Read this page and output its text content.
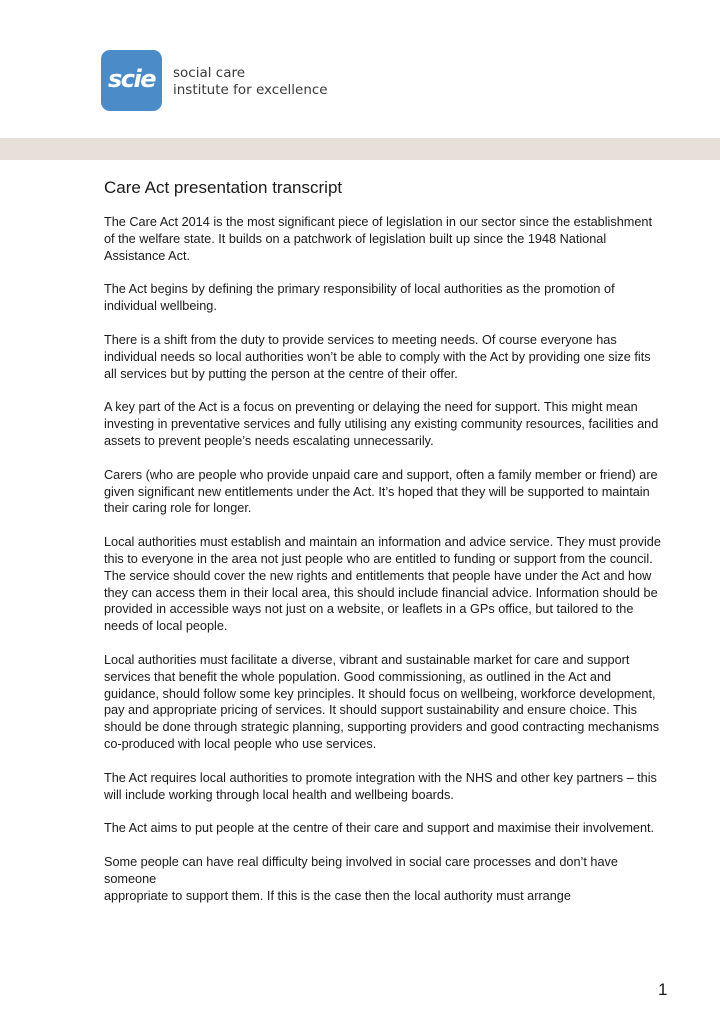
scie social care
institute for excellence
Care Act presentation transcript

The Care Act 2014 is the most significant piece of legislation in our sector since the establishment of the welfare state. It builds on a patchwork of legislation built up since the 1948 National Assistance Act.

The Act begins by defining the primary responsibility of local authorities as the promotion of individual wellbeing.

There is a shift from the duty to provide services to meeting needs. Of course everyone has individual needs so local authorities won’t be able to comply with the Act by providing one size fits all services but by putting the person at the centre of their offer.

A key part of the Act is a focus on preventing or delaying the need for support. This might mean investing in preventative services and fully utilising any existing community resources, facilities and assets to prevent people’s needs escalating unnecessarily.

Carers (who are people who provide unpaid care and support, often a family member or friend) are given significant new entitlements under the Act. It’s hoped that they will be supported to maintain their caring role for longer.

Local authorities must establish and maintain an information and advice service. They must provide this to everyone in the area not just people who are entitled to funding or support from the council. The service should cover the new rights and entitlements that people have under the Act and how they can access them in their local area, this should include financial advice. Information should be provided in accessible ways not just on a website, or leaflets in a GPs office, but tailored to the needs of local people.

Local authorities must facilitate a diverse, vibrant and sustainable market for care and support services that benefit the whole population. Good commissioning, as outlined in the Act and guidance, should follow some key principles. It should focus on wellbeing, workforce development, pay and appropriate pricing of services. It should support sustainability and ensure choice. This should be done through strategic planning, supporting providers and good contracting mechanisms co-produced with local people who use services.

The Act requires local authorities to promote integration with the NHS and other key partners – this will include working through local health and wellbeing boards.

The Act aims to put people at the centre of their care and support and maximise their involvement.

Some people can have real difficulty being involved in social care processes and don’t have someone
appropriate to support them. If this is the case then the local authority must arrange

1
